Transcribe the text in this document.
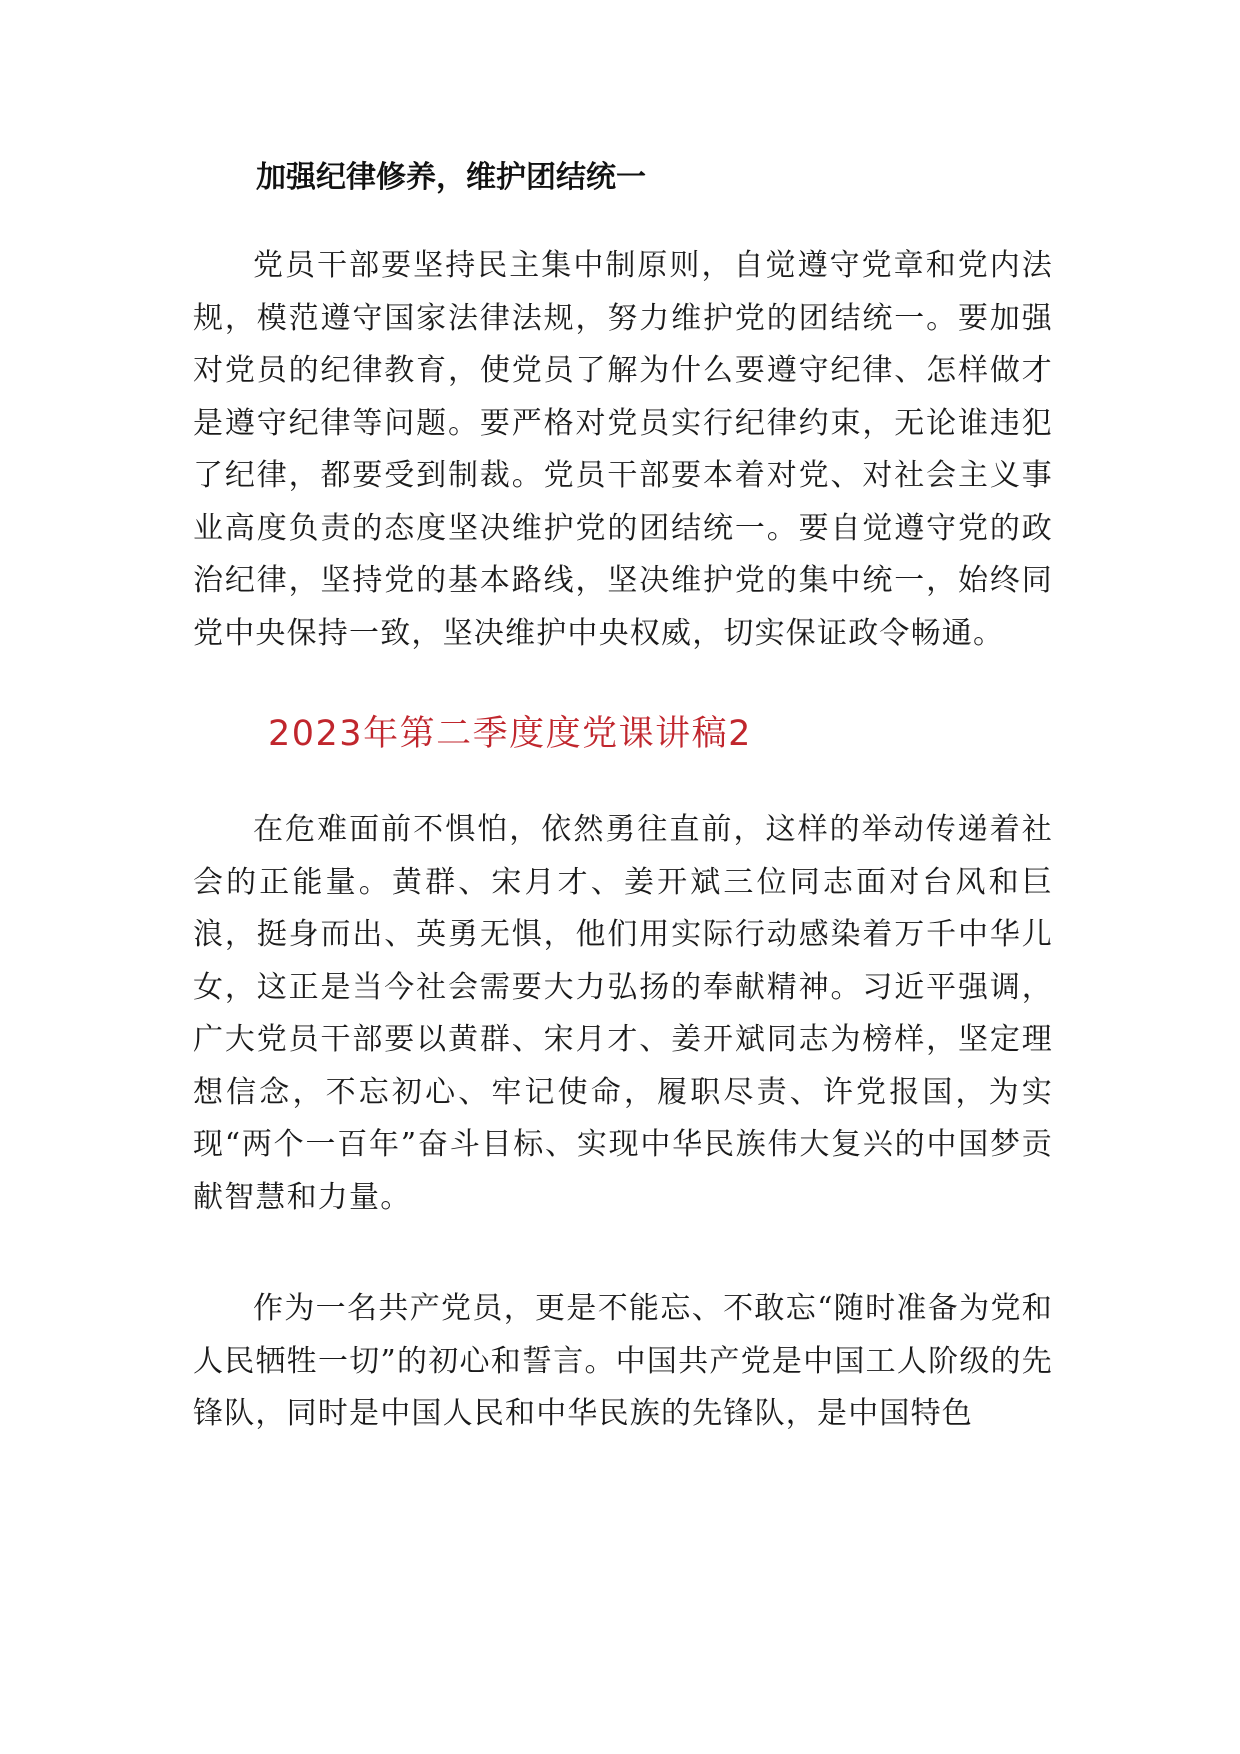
加强纪律修养，维护团结统一

党员干部要坚持民主集中制原则，自觉遵守党章和党内法规，模范遵守国家法律法规，努力维护党的团结统一。要加强对党员的纪律教育，使党员了解为什么要遵守纪律、怎样做才是遵守纪律等问题。要严格对党员实行纪律约束，无论谁违犯了纪律，都要受到制裁。党员干部要本着对党、对社会主义事业高度负责的态度坚决维护党的团结统一。要自觉遵守党的政治纪律，坚持党的基本路线，坚决维护党的集中统一，始终同党中央保持一致，坚决维护中央权威，切实保证政令畅通。

2023年第二季度度党课讲稿2

在危难面前不惧怕，依然勇往直前，这样的举动传递着社会的正能量。黄群、宋月才、姜开斌三位同志面对台风和巨浪，挺身而出、英勇无惧，他们用实际行动感染着万千中华儿女，这正是当今社会需要大力弘扬的奉献精神。习近平强调，广大党员干部要以黄群、宋月才、姜开斌同志为榜样，坚定理想信念，不忘初心、牢记使命，履职尽责、许党报国，为实现“两个一百年”奋斗目标、实现中华民族伟大复兴的中国梦贡献智慧和力量。

作为一名共产党员，更是不能忘、不敢忘“随时准备为党和人民牺牲一切”的初心和誓言。中国共产党是中国工人阶级的先锋队，同时是中国人民和中华民族的先锋队，是中国特色
